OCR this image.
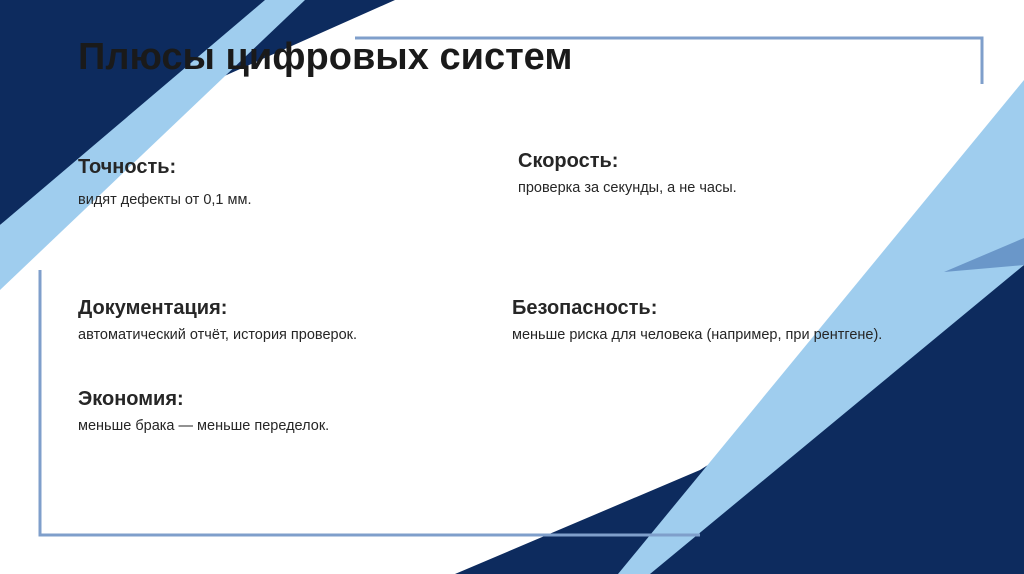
Плюсы цифровых систем
Точность:
видят дефекты от 0,1 мм.
Скорость:
проверка за секунды, а не часы.
Документация:
автоматический отчёт, история проверок.
Безопасность:
меньше риска для человека (например, при рентгене).
Экономия:
меньше брака — меньше переделок.
